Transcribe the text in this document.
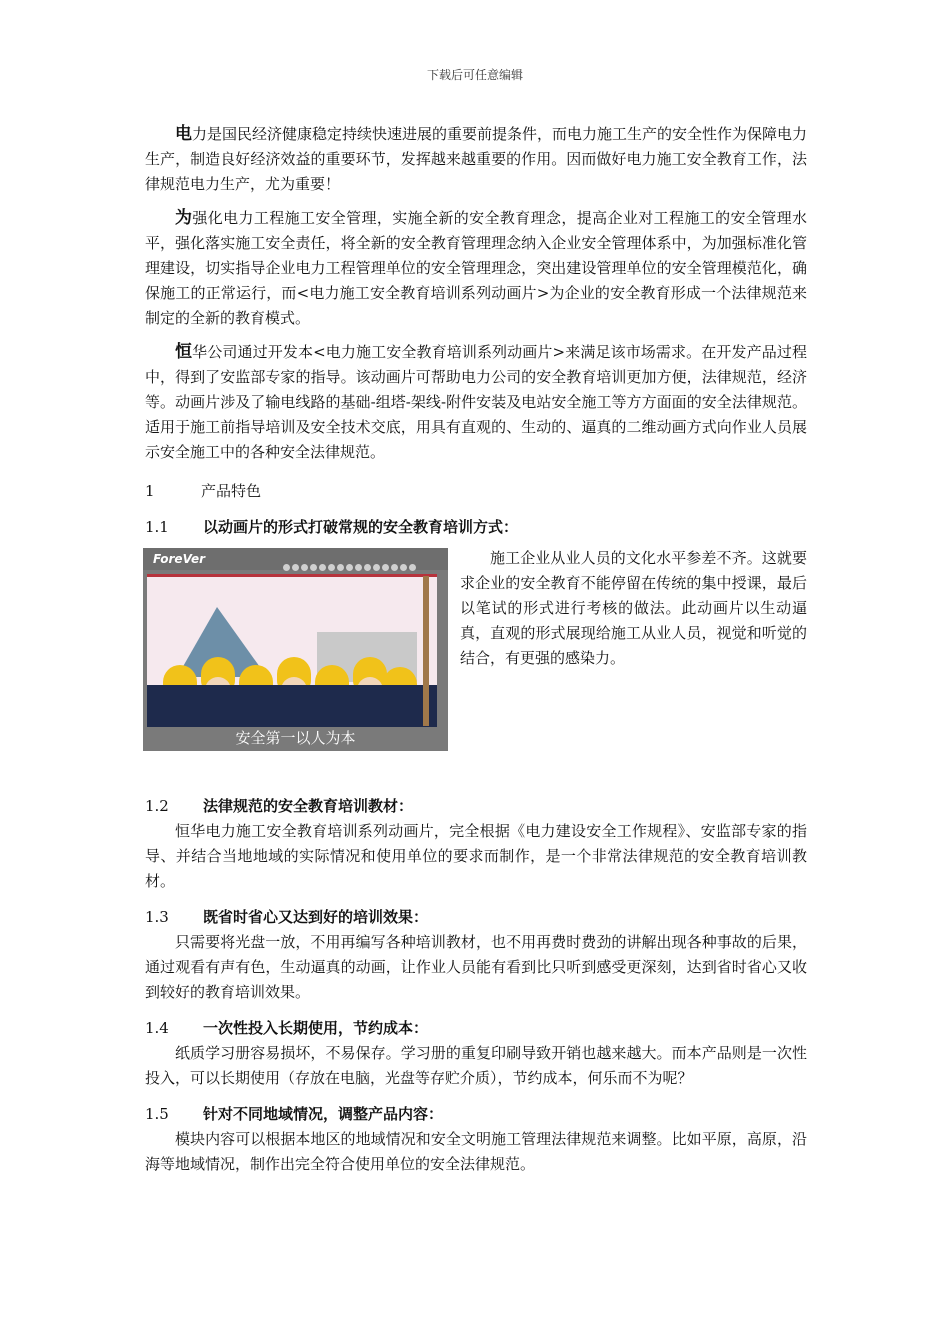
下载后可任意编辑

电力是国民经济健康稳定持续快速进展的重要前提条件，而电力施工生产的安全性作为保障电力生产，制造良好经济效益的重要环节，发挥越来越重要的作用。因而做好电力施工安全教育工作，法律规范电力生产，尤为重要！

为强化电力工程施工安全管理，实施全新的安全教育理念，提高企业对工程施工的安全管理水平，强化落实施工安全责任，将全新的安全教育管理理念纳入企业安全管理体系中，为加强标准化管理建设，切实指导企业电力工程管理单位的安全管理理念，突出建设管理单位的安全管理模范化，确保施工的正常运行，而<电力施工安全教育培训系列动画片>为企业的安全教育形成一个法律规范来制定的全新的教育模式。

恒华公司通过开发本<电力施工安全教育培训系列动画片>来满足该市场需求。在开发产品过程中，得到了安监部专家的指导。该动画片可帮助电力公司的安全教育培训更加方便，法律规范，经济等。动画片涉及了输电线路的基础-组塔-架线-附件安装及电站安全施工等方方面面的安全法律规范。适用于施工前指导培训及安全技术交底，用具有直观的、生动的、逼真的二维动画方式向作业人员展示安全施工中的各种安全法律规范。

1	产品特色

1.1 以动画片的形式打破常规的安全教育培训方式：

ForeVer
安全第一以人为本

施工企业从业人员的文化水平参差不齐。这就要求企业的安全教育不能停留在传统的集中授课，最后以笔试的形式进行考核的做法。此动画片以生动逼真，直观的形式展现给施工从业人员，视觉和听觉的结合，有更强的感染力。

1.2 法律规范的安全教育培训教材：

恒华电力施工安全教育培训系列动画片，完全根据《电力建设安全工作规程》、安监部专家的指导、并结合当地地域的实际情况和使用单位的要求而制作，是一个非常法律规范的安全教育培训教材。

1.3 既省时省心又达到好的培训效果：

只需要将光盘一放，不用再编写各种培训教材，也不用再费时费劲的讲解出现各种事故的后果，通过观看有声有色，生动逼真的动画，让作业人员能有看到比只听到感受更深刻，达到省时省心又收到较好的教育培训效果。

1.4 一次性投入长期使用，节约成本：

纸质学习册容易损坏，不易保存。学习册的重复印刷导致开销也越来越大。而本产品则是一次性投入，可以长期使用（存放在电脑，光盘等存贮介质），节约成本，何乐而不为呢？

1.5 针对不同地域情况，调整产品内容：

模块内容可以根据本地区的地域情况和安全文明施工管理法律规范来调整。比如平原，高原，沿海等地域情况，制作出完全符合使用单位的安全法律规范。
